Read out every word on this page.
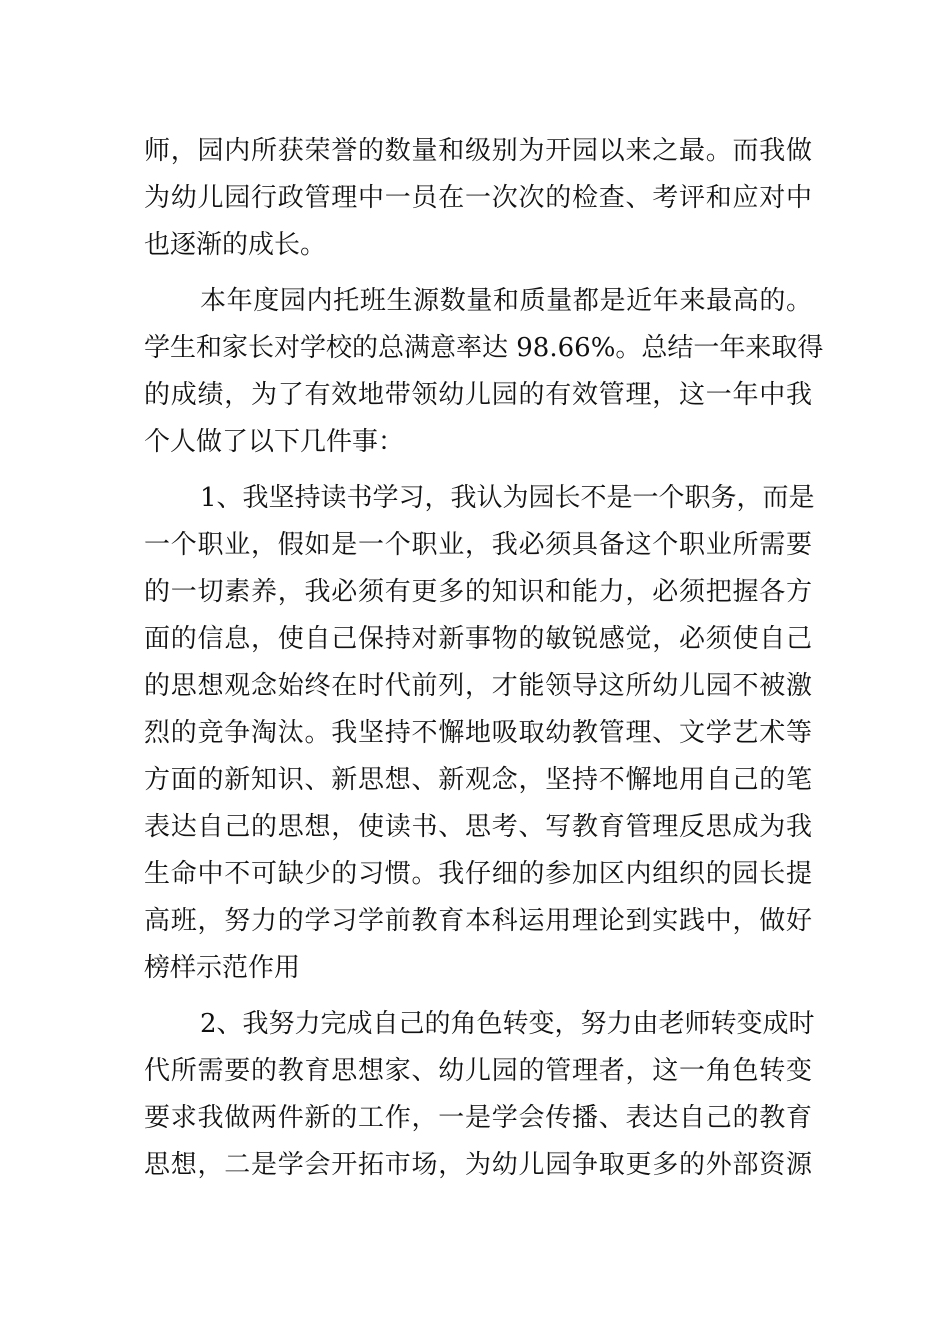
师，园内所获荣誉的数量和级别为开园以来之最。而我做
为幼儿园行政管理中一员在一次次的检查、考评和应对中
也逐渐的成长。
本年度园内托班生源数量和质量都是近年来最高的。
学生和家长对学校的总满意率达 98.66%。总结一年来取得
的成绩，为了有效地带领幼儿园的有效管理，这一年中我
个人做了以下几件事：
1、我坚持读书学习，我认为园长不是一个职务，而是
一个职业，假如是一个职业，我必须具备这个职业所需要
的一切素养，我必须有更多的知识和能力，必须把握各方
面的信息，使自己保持对新事物的敏锐感觉，必须使自己
的思想观念始终在时代前列，才能领导这所幼儿园不被激
烈的竞争淘汰。我坚持不懈地吸取幼教管理、文学艺术等
方面的新知识、新思想、新观念，坚持不懈地用自己的笔
表达自己的思想，使读书、思考、写教育管理反思成为我
生命中不可缺少的习惯。我仔细的参加区内组织的园长提
高班，努力的学习学前教育本科运用理论到实践中，做好
榜样示范作用
2、我努力完成自己的角色转变，努力由老师转变成时
代所需要的教育思想家、幼儿园的管理者，这一角色转变
要求我做两件新的工作，一是学会传播、表达自己的教育
思想，二是学会开拓市场，为幼儿园争取更多的外部资源
